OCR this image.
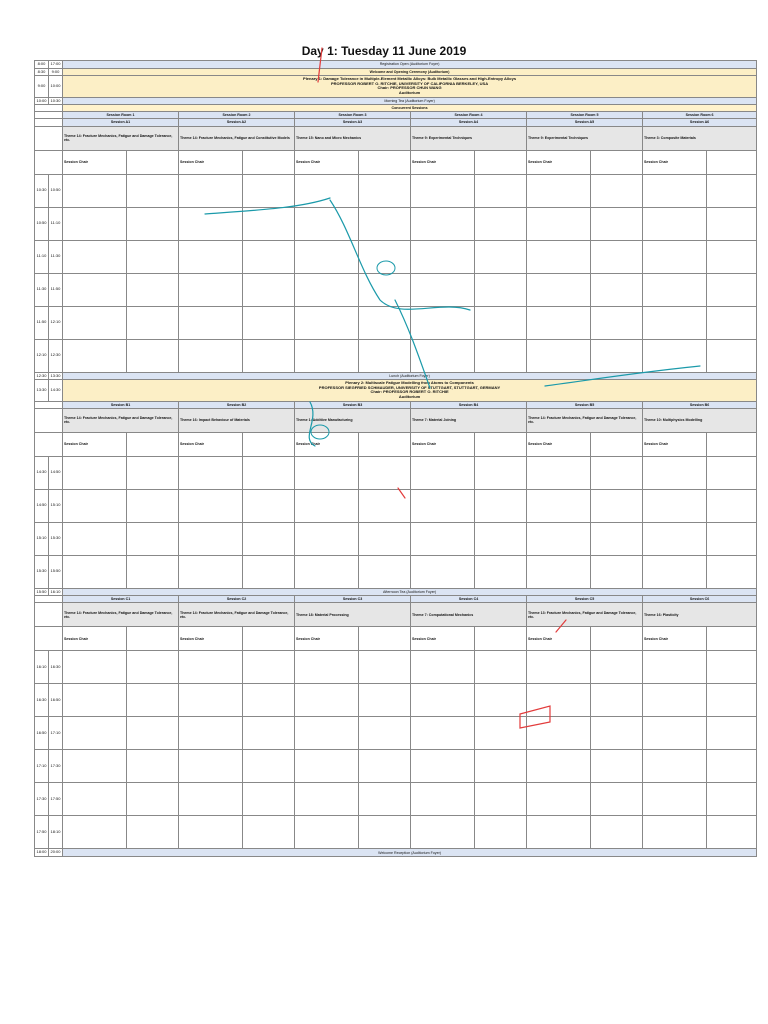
Day 1: Tuesday 11 June 2019
8:00	17:00	Registration Open (Auditorium Foyer)											
8:30	9:00	Welcome and Opening Ceremony (Auditorium)											
9:00	10:00	Plenary 1: Damage Tolerance in Multiple-Element Metallic Alloys: Bulk Metallic Glasses and High-Entropy Alloys
PROFESSOR ROBERT O. RITCHIE, UNIVERSITY OF CALIFORNIA BERKELEY, USA
Chair: PROFESSOR CHUN WANG
Auditorium											

10:00	10:30	Morning Tea (Auditorium Foyer)											
		Concurrent Sessions											
		Session Room 1		Session Room 2		Session Room 3		Session Room 4		Session Room 5		Session Room 6	
		Session A1		Session A2		Session A3		Session A4		Session A5		Session A6	
		Theme 14: Fracture Mechanics, Fatigue and Damage Tolerance, etc.		Theme 14: Fracture Mechanics, Fatigue and Constitutive Models		Theme 15: Nano and Micro Mechanics		Theme 9: Experimental Techniques		Theme 9: Experimental Techniques		Theme 3: Composite Materials	
		Session Chair		Session Chair		Session Chair		Session Chair		Session Chair		Session Chair	
10:30	10:50												
10:50	11:10												
11:10	11:30												
11:30	11:50												
11:50	12:10												
12:10	12:30												
12:30	13:30	Lunch (Auditorium Foyer)											
13:30	14:30	Plenary 2: Multiscale Fatigue Modelling from Atoms to Components
PROFESSOR SIEGFRIED SCHMAUDER, UNIVERSITY OF STUTTGART, STUTTGART, GERMANY
Chair: PROFESSOR ROBERT O. RITCHIE
Auditorium											

		Session B1		Session B2		Session B3		Session B4		Session B5		Session B6	
		Theme 14: Fracture Mechanics, Fatigue and Damage Tolerance, etc.		Theme 16: Impact Behaviour of Materials		Theme 1: Additive Manufacturing		Theme 7: Material Joining		Theme 14: Fracture Mechanics, Fatigue and Damage Tolerance, etc.		Theme 10: Multiphysics Modelling	
		Session Chair		Session Chair		Session Chair		Session Chair		Session Chair		Session Chair	
14:30	14:50												
14:50	15:10												
15:10	15:30												
15:30	15:50												
15:50	16:10	Afternoon Tea (Auditorium Foyer)											
		Session C1		Session C2		Session C3		Session C4		Session C5		Session C6	
		Theme 14: Fracture Mechanics, Fatigue and Damage Tolerance, etc.		Theme 14: Fracture Mechanics, Fatigue and Damage Tolerance, etc.		Theme 18: Material Processing		Theme 7: Computational Mechanics		Theme 13: Fracture Mechanics, Fatigue and Damage Tolerance, etc.		Theme 16: Plasticity	
		Session Chair		Session Chair		Session Chair		Session Chair		Session Chair		Session Chair	
16:10	16:30												
16:30	16:50												
16:50	17:10												
17:10	17:30												
17:30	17:50												
17:50	18:10												
18:00	20:00	Welcome Reception (Auditorium Foyer)											
